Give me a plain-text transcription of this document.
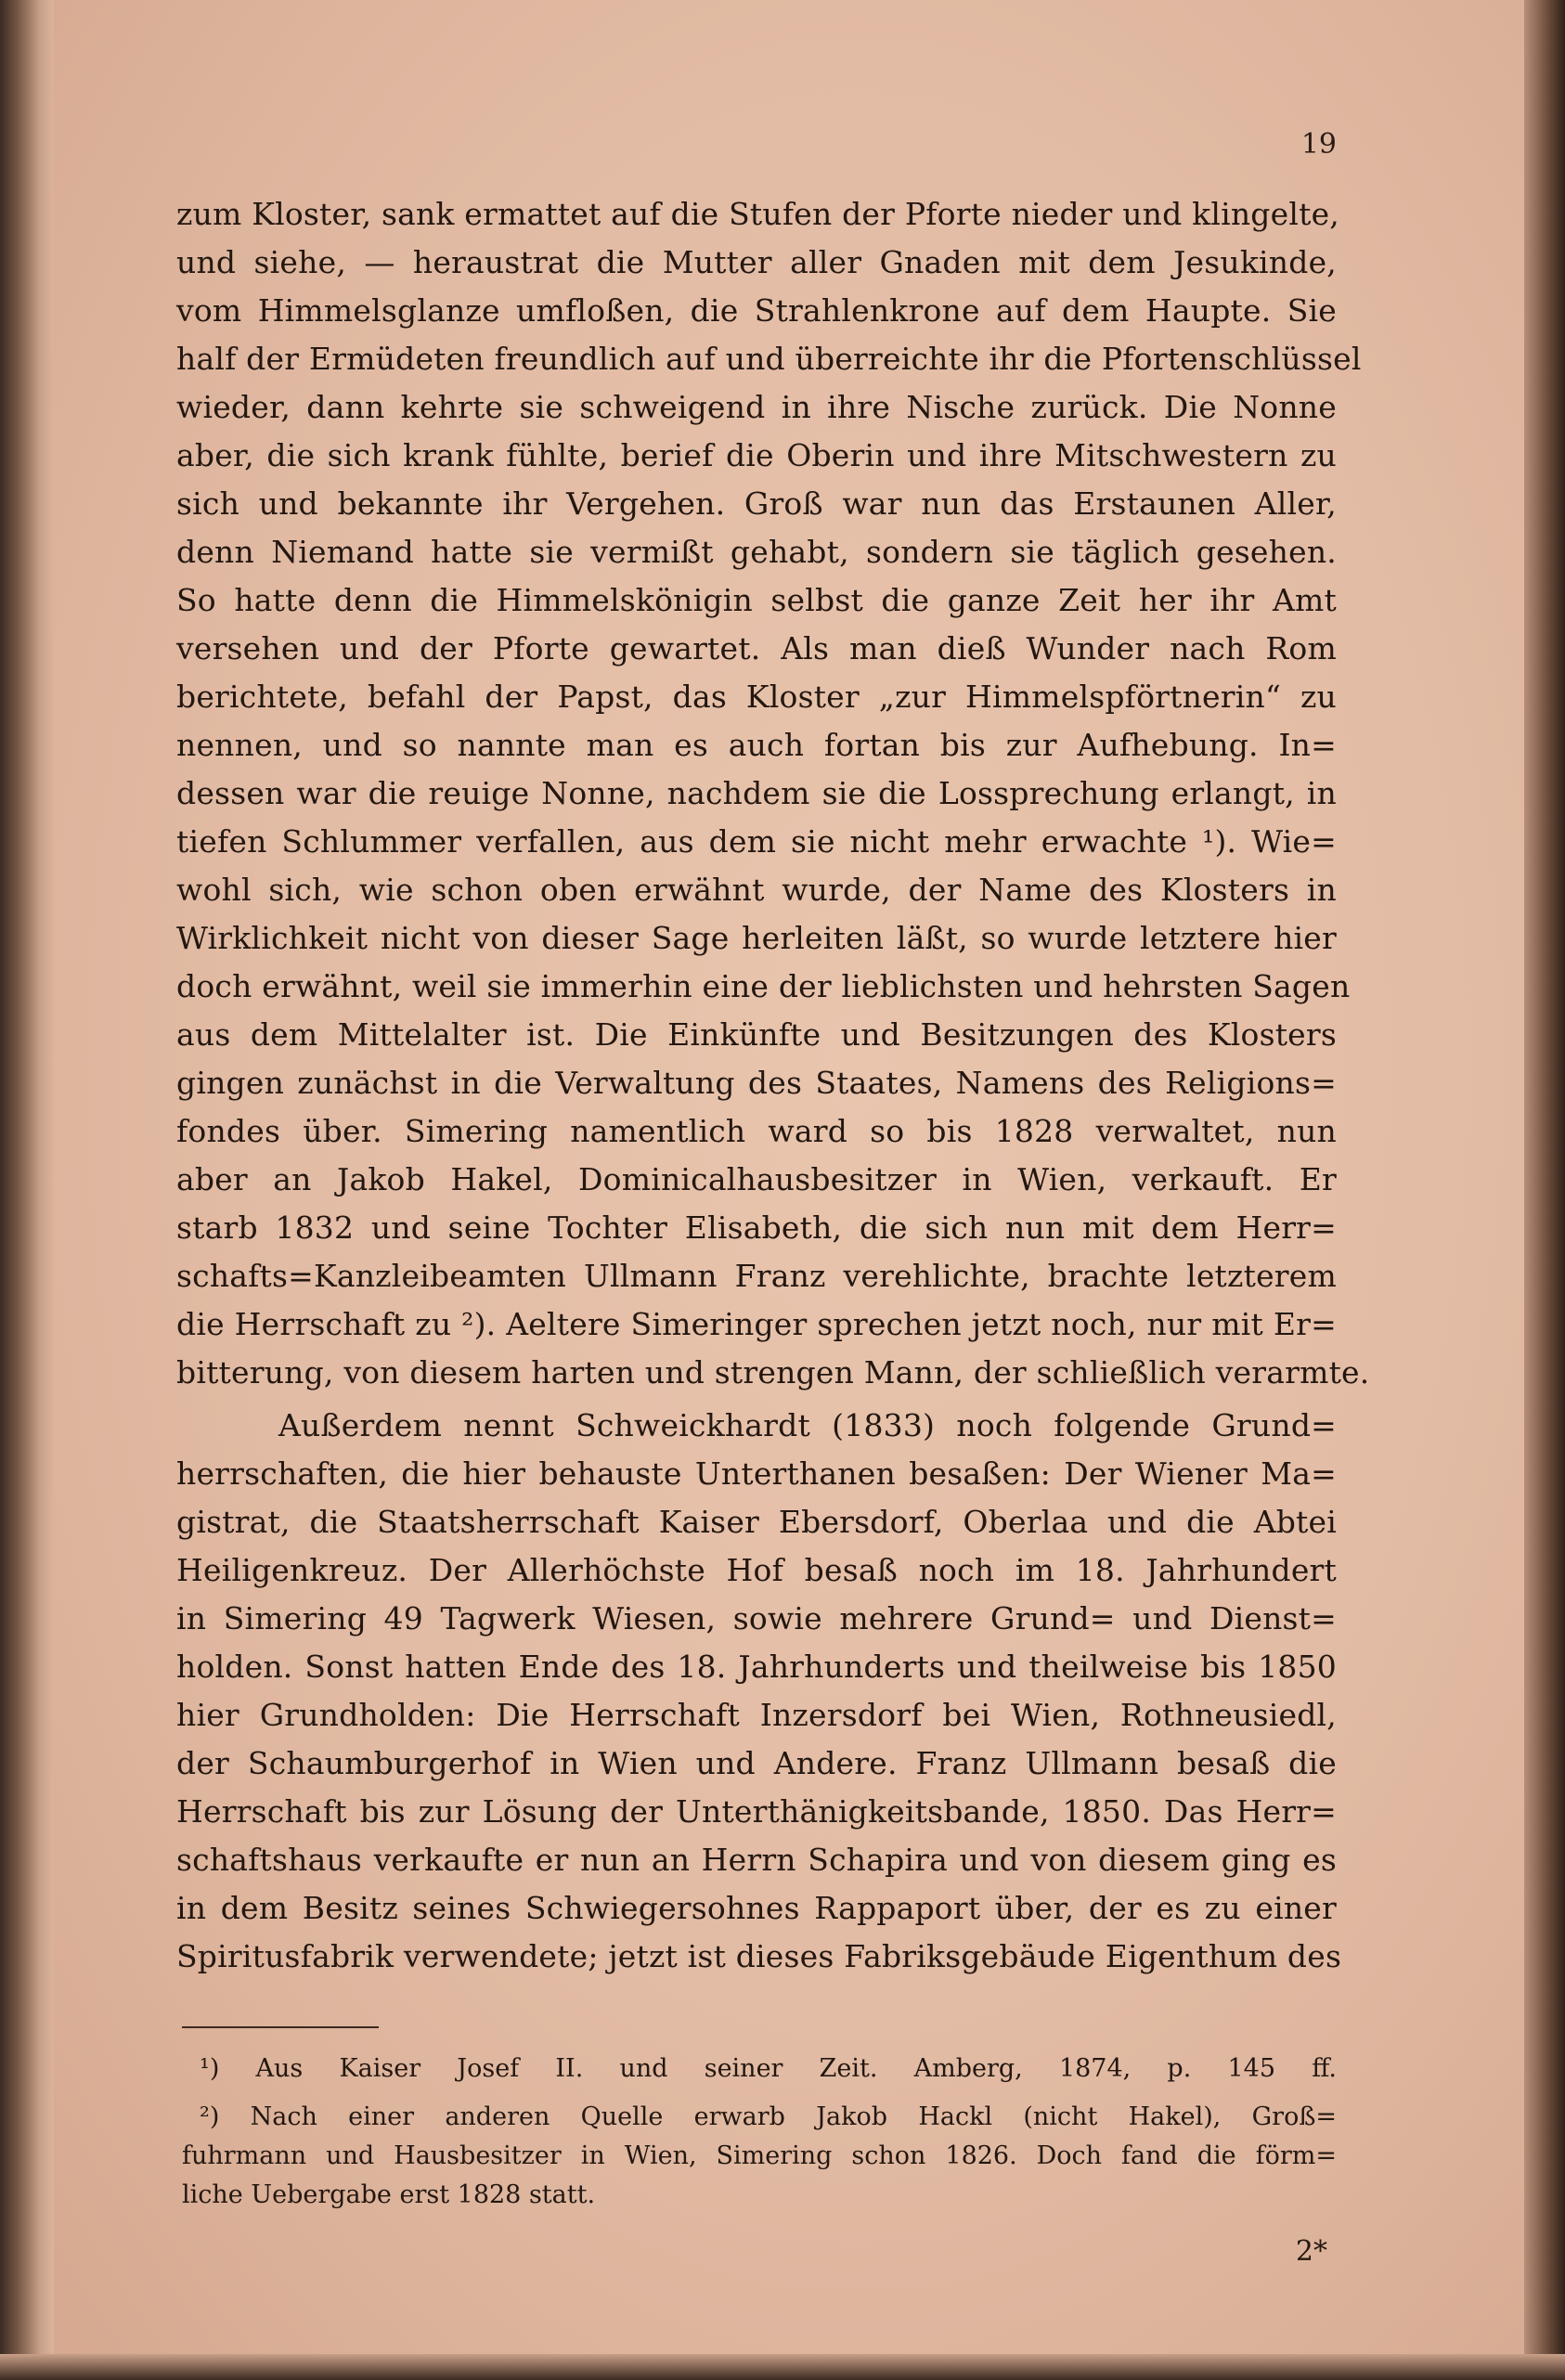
19
zum Kloster, sank ermattet auf die Stufen der Pforte nieder und klingelte,
und siehe, — heraustrat die Mutter aller Gnaden mit dem Jesukinde,
vom Himmelsglanze umfloßen, die Strahlenkrone auf dem Haupte. Sie
half der Ermüdeten freundlich auf und überreichte ihr die Pfortenschlüssel
wieder, dann kehrte sie schweigend in ihre Nische zurück. Die Nonne
aber, die sich krank fühlte, berief die Oberin und ihre Mitschwestern zu
sich und bekannte ihr Vergehen. Groß war nun das Erstaunen Aller,
denn Niemand hatte sie vermißt gehabt, sondern sie täglich gesehen.
So hatte denn die Himmelskönigin selbst die ganze Zeit her ihr Amt
versehen und der Pforte gewartet. Als man dieß Wunder nach Rom
berichtete, befahl der Papst, das Kloster „zur Himmelspförtnerin“ zu
nennen, und so nannte man es auch fortan bis zur Aufhebung. In=
dessen war die reuige Nonne, nachdem sie die Lossprechung erlangt, in
tiefen Schlummer verfallen, aus dem sie nicht mehr erwachte ¹). Wie=
wohl sich, wie schon oben erwähnt wurde, der Name des Klosters in
Wirklichkeit nicht von dieser Sage herleiten läßt, so wurde letztere hier
doch erwähnt, weil sie immerhin eine der lieblichsten und hehrsten Sagen
aus dem Mittelalter ist. Die Einkünfte und Besitzungen des Klosters
gingen zunächst in die Verwaltung des Staates, Namens des Religions=
fondes über. Simering namentlich ward so bis 1828 verwaltet, nun
aber an Jakob Hakel, Dominicalhausbesitzer in Wien, verkauft. Er
starb 1832 und seine Tochter Elisabeth, die sich nun mit dem Herr=
schafts=Kanzleibeamten Ullmann Franz verehlichte, brachte letzterem
die Herrschaft zu ²). Aeltere Simeringer sprechen jetzt noch, nur mit Er=
bitterung, von diesem harten und strengen Mann, der schließlich verarmte.
Außerdem nennt Schweickhardt (1833) noch folgende Grund=
herrschaften, die hier behauste Unterthanen besaßen: Der Wiener Ma=
gistrat, die Staatsherrschaft Kaiser Ebersdorf, Oberlaa und die Abtei
Heiligenkreuz. Der Allerhöchste Hof besaß noch im 18. Jahrhundert
in Simering 49 Tagwerk Wiesen, sowie mehrere Grund= und Dienst=
holden. Sonst hatten Ende des 18. Jahrhunderts und theilweise bis 1850
hier Grundholden: Die Herrschaft Inzersdorf bei Wien, Rothneusiedl,
der Schaumburgerhof in Wien und Andere. Franz Ullmann besaß die
Herrschaft bis zur Lösung der Unterthänigkeitsbande, 1850. Das Herr=
schaftshaus verkaufte er nun an Herrn Schapira und von diesem ging es
in dem Besitz seines Schwiegersohnes Rappaport über, der es zu einer
Spiritusfabrik verwendete; jetzt ist dieses Fabriksgebäude Eigenthum des
¹) Aus Kaiser Josef II. und seiner Zeit. Amberg, 1874, p. 145 ff.
²) Nach einer anderen Quelle erwarb Jakob Hackl (nicht Hakel), Groß=
fuhrmann und Hausbesitzer in Wien, Simering schon 1826. Doch fand die förm=
liche Uebergabe erst 1828 statt.
2*
